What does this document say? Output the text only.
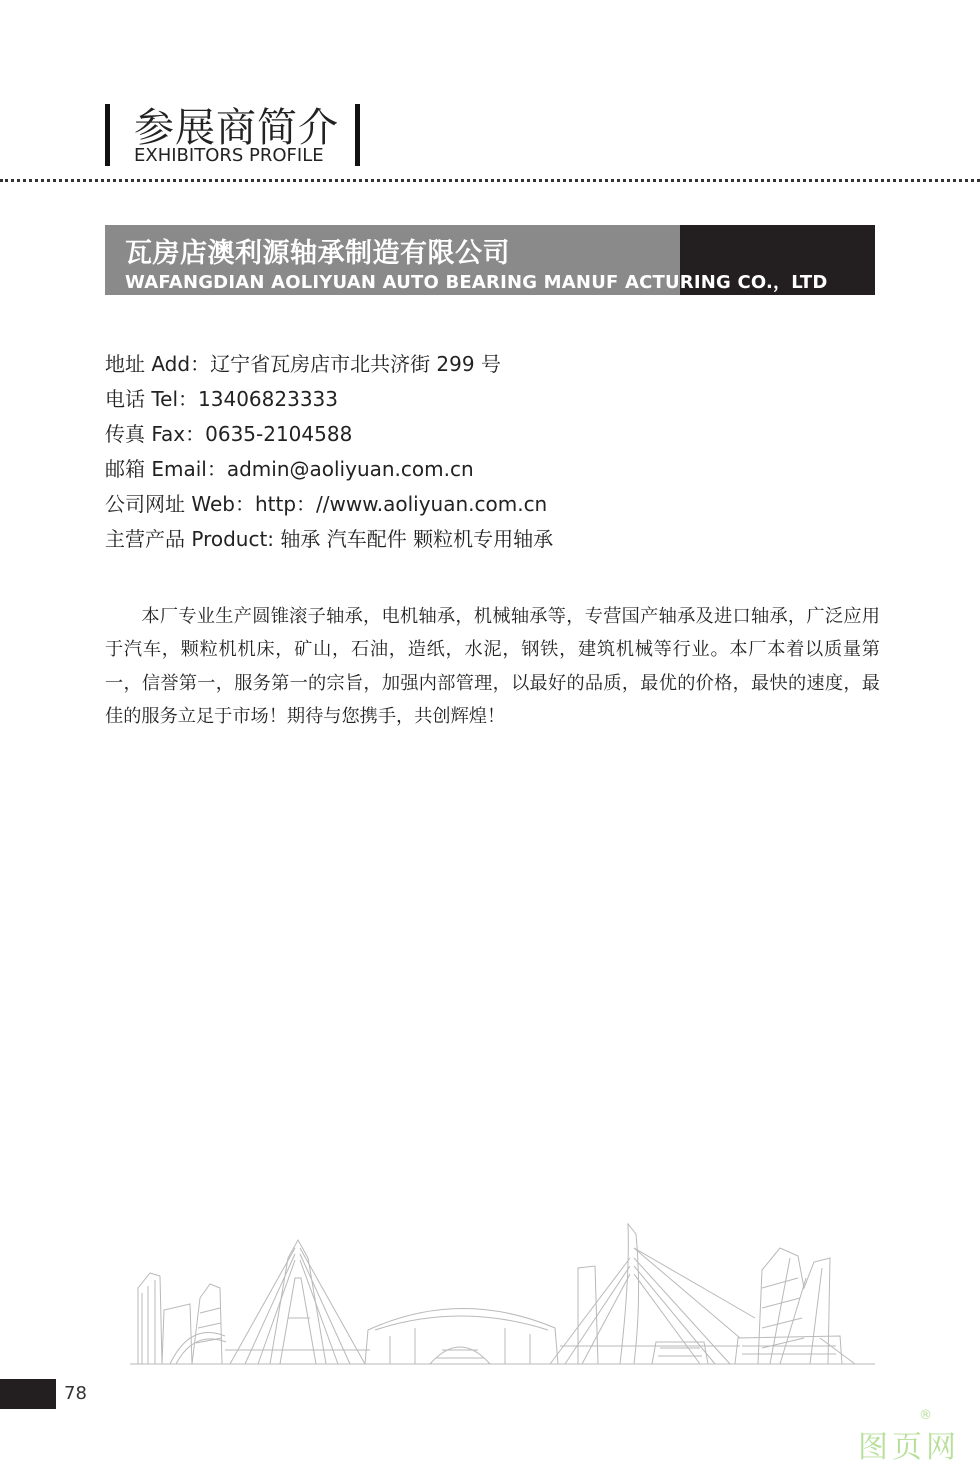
参展商简介
EXHIBITORS PROFILE
瓦房店澳利源轴承制造有限公司
WAFANGDIAN AOLIYUAN AUTO BEARING MANUF ACTURING CO.，LTD
地址 Add：辽宁省瓦房店市北共济街 299 号
电话 Tel：13406823333
传真 Fax：0635-2104588
邮箱 Email：admin@aoliyuan.com.cn
公司网址 Web：http：//www.aoliyuan.com.cn
主营产品 Product: 轴承 汽车配件 颗粒机专用轴承
本厂专业生产圆锥滚子轴承，电机轴承，机械轴承等，专营国产轴承及进口轴承，广泛应用于汽车，颗粒机机床，矿山，石油，造纸，水泥，钢铁，建筑机械等行业。本厂本着以质量第一，信誉第一，服务第一的宗旨，加强内部管理，以最好的品质，最优的价格，最快的速度，最佳的服务立足于市场！期待与您携手，共创辉煌！
78
图页网
®
